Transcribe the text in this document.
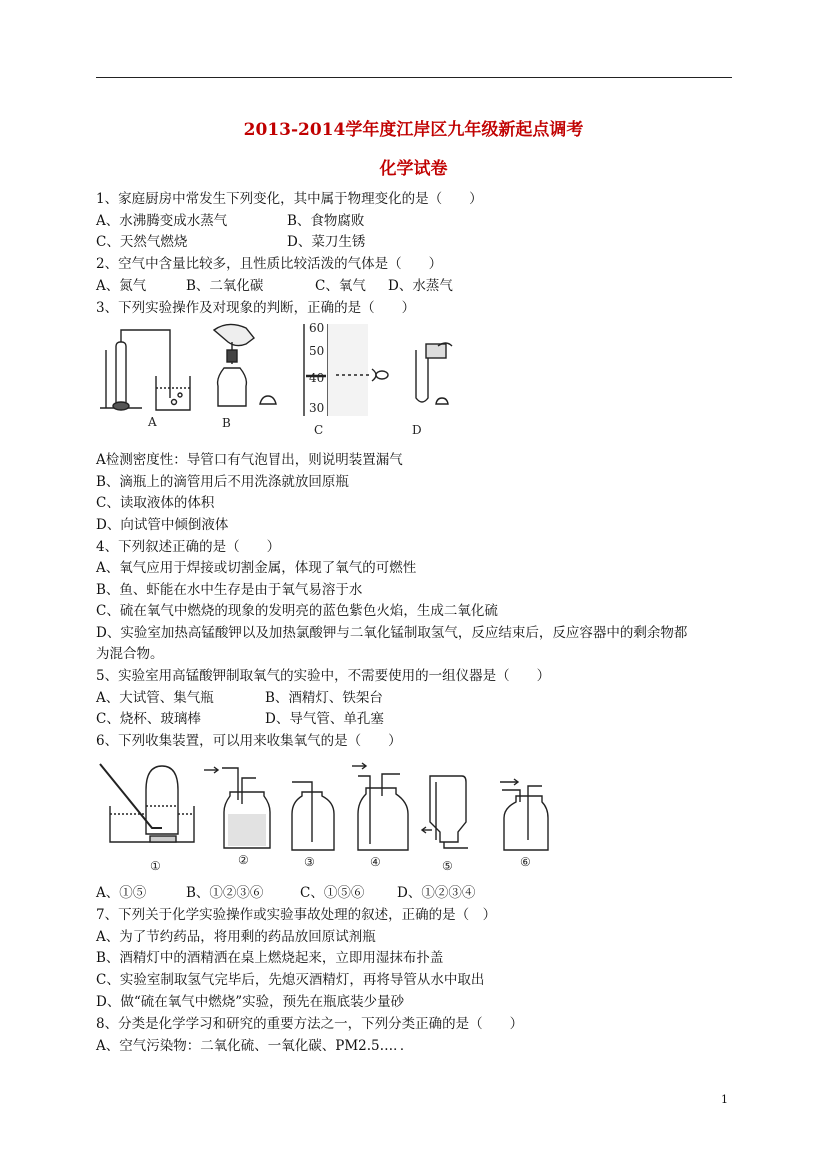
2013-2014学年度江岸区九年级新起点调考
化学试卷
1、家庭厨房中常发生下列变化，其中属于物理变化的是（　　）
A、水沸腾变成水蒸气	B、食物腐败
C、天然气燃烧	D、菜刀生锈
2、空气中含量比较多，且性质比较活泼的气体是（　　）
A、氮气	B、二氧化碳	C、氧气 D、水蒸气
3、下列实验操作及对现象的判断，正确的是（　　）
A	B
60
50
40
30
C	D
A检测密度性：导管口有气泡冒出，则说明装置漏气
B、滴瓶上的滴管用后不用洗涤就放回原瓶
C、读取液体的体积
D、向试管中倾倒液体
4、下列叙述正确的是（　　）
A、氧气应用于焊接或切割金属，体现了氧气的可燃性
B、鱼、虾能在水中生存是由于氧气易溶于水
C、硫在氧气中燃烧的现象的发明亮的蓝色紫色火焰，生成二氧化硫
D、实验室加热高锰酸钾以及加热氯酸钾与二氧化锰制取氢气，反应结束后，反应容器中的剩余物都
为混合物。
5、实验室用高锰酸钾制取氧气的实验中，不需要使用的一组仪器是（　　）
A、大试管、集气瓶	B、酒精灯、铁架台
C、烧杯、玻璃棒	D、导气管、单孔塞
6、下列收集装置，可以用来收集氧气的是（　　）
①	②	③	④	⑤	⑥
A、①⑤	B、①②③⑥	C、①⑤⑥ D、①②③④
7、下列关于化学实验操作或实验事故处理的叙述，正确的是（　）
A、为了节约药品，将用剩的药品放回原试剂瓶
B、酒精灯中的酒精洒在桌上燃烧起来，立即用湿抹布扑盖
C、实验室制取氢气完毕后，先熄灭酒精灯，再将导管从水中取出
D、做“硫在氧气中燃烧”实验，预先在瓶底装少量砂
8、分类是化学学习和研究的重要方法之一，下列分类正确的是（　　）
A、空气污染物：二氧化硫、一氧化碳、PM2.5…．．
1
